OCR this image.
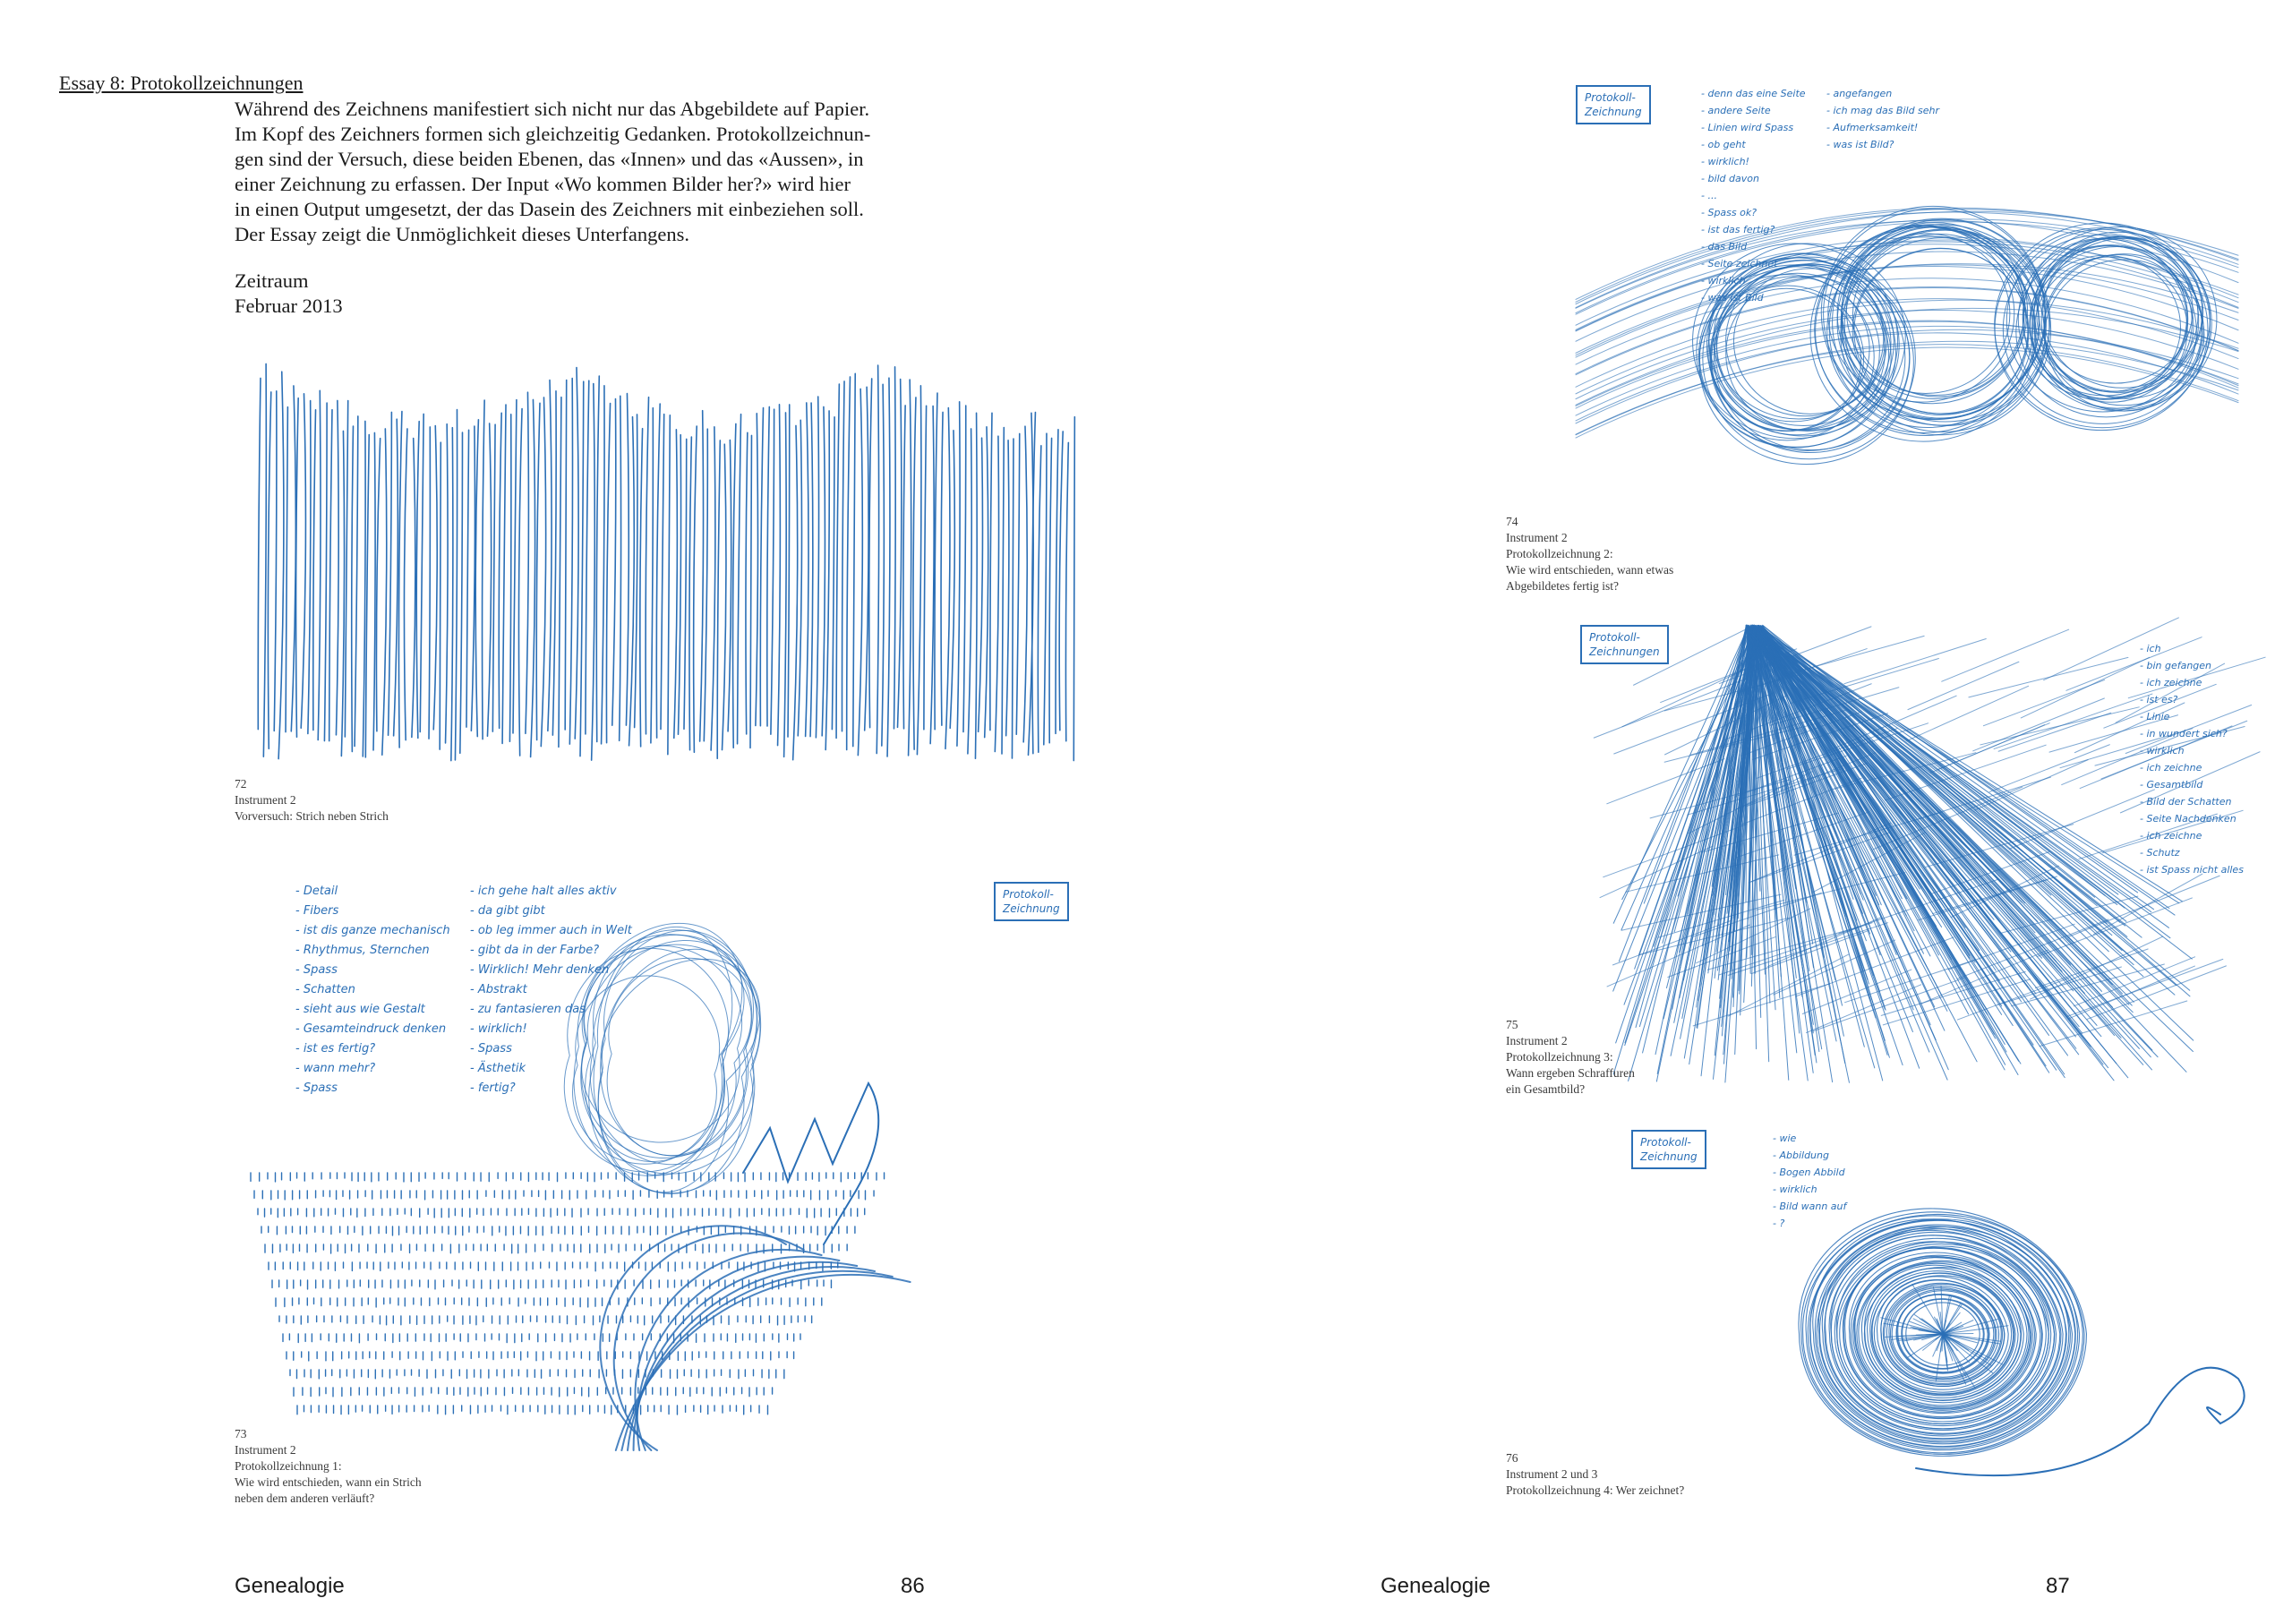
Essay 8: Protokollzeichnungen

Während des Zeichnens manifestiert sich nicht nur das Abgebildete auf Papier.

Im Kopf des Zeichners formen sich gleichzeitig Gedanken. Protokollzeichnun-

gen sind der Versuch, diese beiden Ebenen, das «Innen» und das «Aussen», in

einer Zeichnung zu erfassen. Der Input «Wo kommen Bilder her?» wird hier

in einen Output umgesetzt, der das Dasein des Zeichners mit einbeziehen soll.

Der Essay zeigt die Unmöglichkeit dieses Unterfangens.

Zeitraum
Februar 2013
72
Instrument 2
Vorversuch: Strich neben Strich
Protokoll-
Zeichnung
- Detail
- Fibers
- ist dis ganze mechanisch
- Rhythmus, Sternchen
- Spass
- Schatten
- sieht aus wie Gestalt
- Gesamteindruck denken
- ist es fertig?
- wann mehr?
- Spass
- ich gehe halt alles aktiv
- da gibt gibt
- ob leg immer auch in Welt
- gibt da in der Farbe?
- Wirklich! Mehr denken
- Abstrakt
- zu fantasieren das
- wirklich!
- Spass
- Ästhetik
- fertig?
73
Instrument 2
Protokollzeichnung 1:
Wie wird entschieden, wann ein Strich
neben dem anderen verläuft?
Genealogie	86
Protokoll-
Zeichnung
- denn das eine Seite
- andere Seite
- Linien wird Spass
- ob geht
- wirklich!
- bild davon
- ...
- Spass ok?
- ist das fertig?
- das Bild
- Seite zeichnet
- wirklich
- was ist Bild
- angefangen
- ich mag das Bild sehr
- Aufmerksamkeit!
- was ist Bild?
74
Instrument 2
Protokollzeichnung 2:
Wie wird entschieden, wann etwas
Abgebildetes fertig ist?
Protokoll-
Zeichnungen	- ich
- bin gefangen
- ich zeichne
- ist es?
- Linie
- in wundert sich?
- wirklich
- ich zeichne
- Gesamtbild
- Bild der Schatten
- Seite Nachdenken
- ich zeichne
- Schutz
- ist Spass nicht alles
75
Instrument 2
Protokollzeichnung 3:
Wann ergeben Schraffuren
ein Gesamtbild?
Protokoll-
Zeichnung
- wie
- Abbildung
- Bogen Abbild
- wirklich
- Bild wann auf
- ?
76
Instrument 2 und 3
Protokollzeichnung 4: Wer zeichnet?
Genealogie	87
